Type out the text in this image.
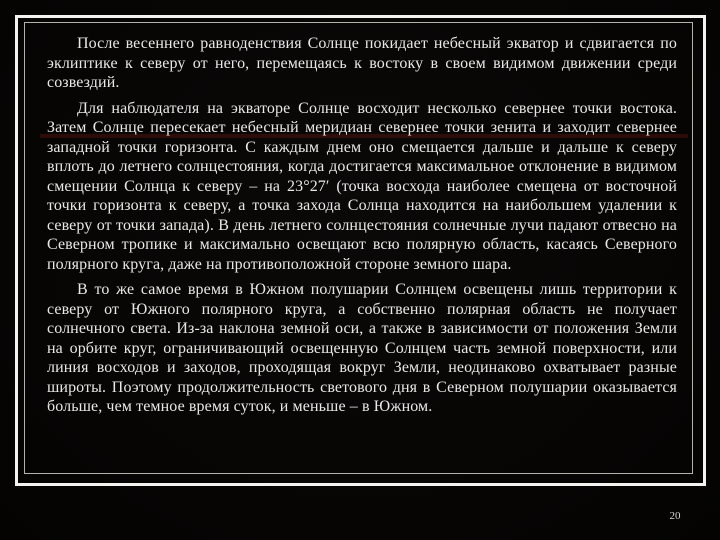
После весеннего равноденствия Солнце покидает небесный экватор и сдвигается по эклиптике к северу от него, перемещаясь к востоку в своем видимом движении среди созвездий.

Для наблюдателя на экваторе Солнце восходит несколько севернее точки востока. Затем Солнце пересекает небесный меридиан севернее точки зенита и заходит севернее западной точки горизонта. С каждым днем оно смещается дальше и дальше к северу вплоть до летнего солнцестояния, когда достигается максимальное отклонение в видимом смещении Солнца к северу – на 23°27′ (точка восхода наиболее смещена от восточной точки горизонта к северу, а точка захода Солнца находится на наибольшем удалении к северу от точки запада). В день летнего солнцестояния солнечные лучи падают отвесно на Северном тропике и максимально освещают всю полярную область, касаясь Северного полярного круга, даже на противоположной стороне земного шара.

В то же самое время в Южном полушарии Солнцем освещены лишь территории к северу от Южного полярного круга, а собственно полярная область не получает солнечного света. Из-за наклона земной оси, а также в зависимости от положения Земли на орбите круг, ограничивающий освещенную Солнцем часть земной поверхности, или линия восходов и заходов, проходящая вокруг Земли, неодинаково охватывает разные широты. Поэтому продолжительность светового дня в Северном полушарии оказывается больше, чем темное время суток, и меньше – в Южном.

20
